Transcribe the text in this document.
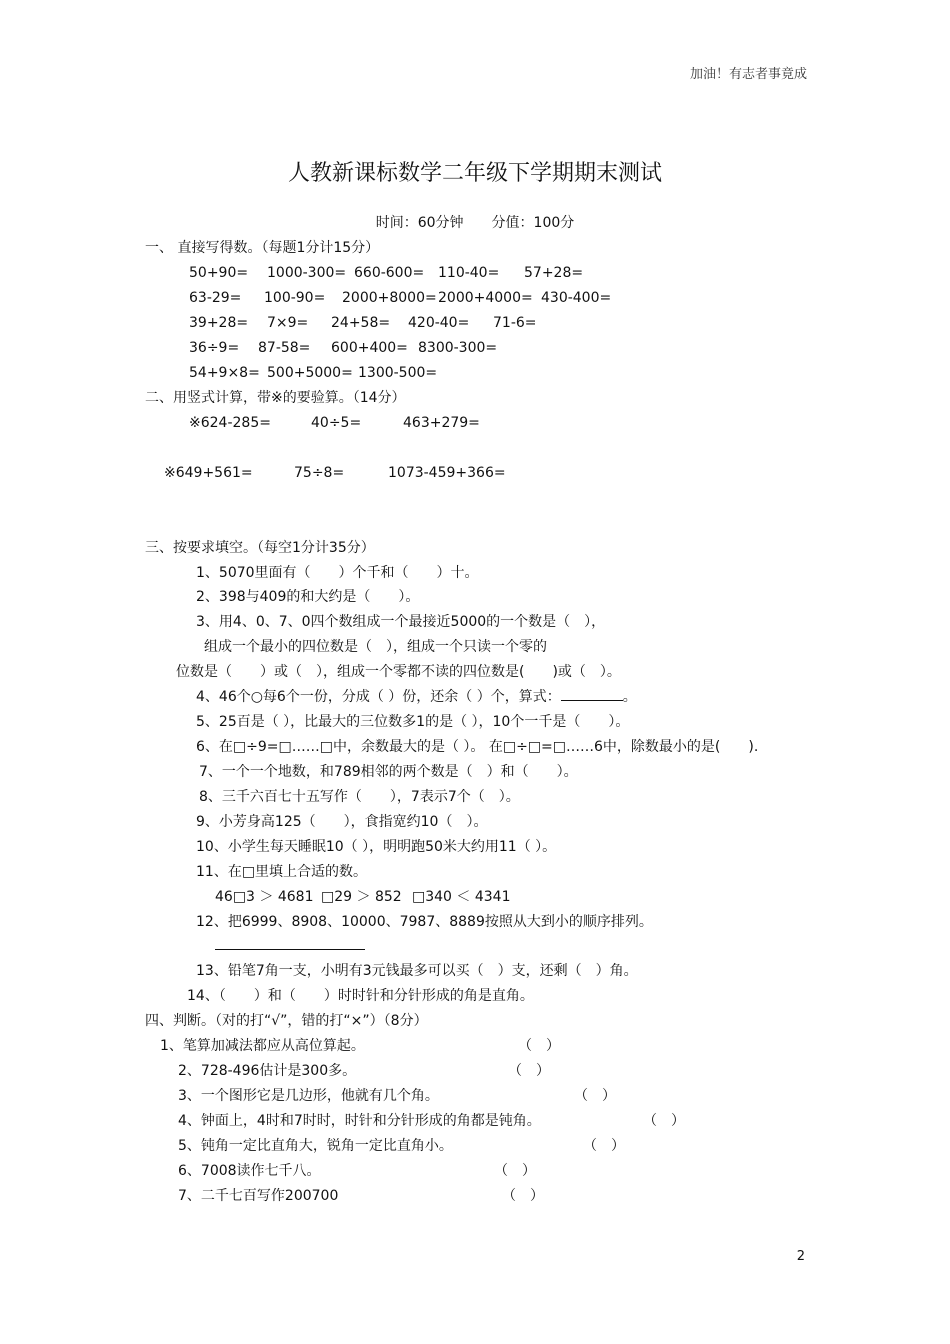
加油！有志者事竟成
人教新课标数学二年级下学期期末测试
时间：60分钟　　分值：100分
一、 直接写得数。（每题1分计15分）
50+90= 1000-300= 660-600= 110-40= 57+28=
63-29= 100-90= 2000+8000= 2000+4000= 430-400=
39+28= 7×9= 24+58= 420-40= 71-6=
36÷9= 87-58= 600+400= 8300-300=
54+9×8= 500+5000= 1300-500=
二、用竖式计算，带※的要验算。（14分）
※624-285=	40÷5=	463+279=
※649+561=	75÷8=	1073-459+366=
三、按要求填空。（每空1分计35分）
1、5070里面有（　　）个千和（　　）十。
2、398与409的和大约是（　　）。
3、用4、0、7、0四个数组成一个最接近5000的一个数是（　），
组成一个最小的四位数是（　），组成一个只读一个零的
位数是（　　）或（　），组成一个零都不读的四位数是(　　)或（　）。
4、46个○每6个一份，分成（ ）份，还余（ ）个，算式：	。
5、25百是（ ），比最大的三位数多1的是（ ），10个一千是（　　）。
6、在□÷9=□……□中，余数最大的是（ ）。 在□÷□=□……6中，除数最小的是(　　).
7、一个一个地数，和789相邻的两个数是（　）和（　　）。
8、三千六百七十五写作（　　），7表示7个（　）。
9、小芳身高125（　　），食指宽约10（　）。
10、小学生每天睡眠10（ ），明明跑50米大约用11（ ）。
11、在□里填上合适的数。
46□3 ＞ 4681 □29 ＞ 852 □340 ＜ 4341
12、把6999、8908、10000、7987、8889按照从大到小的顺序排列。
13、铅笔7角一支，小明有3元钱最多可以买（　）支，还剩（　）角。
14、（　　）和（　　）时时针和分针形成的角是直角。
四、判断。（对的打“√”，错的打“×”）（8分）
1、笔算加减法都应从高位算起。	（　）
2、728-496估计是300多。	（　）
3、一个图形它是几边形，他就有几个角。	（　）
4、钟面上，4时和7时时，时针和分针形成的角都是钝角。	（　）
5、钝角一定比直角大，锐角一定比直角小。	（　）
6、7008读作七千八。	（　）
7、二千七百写作200700	（　）
2
